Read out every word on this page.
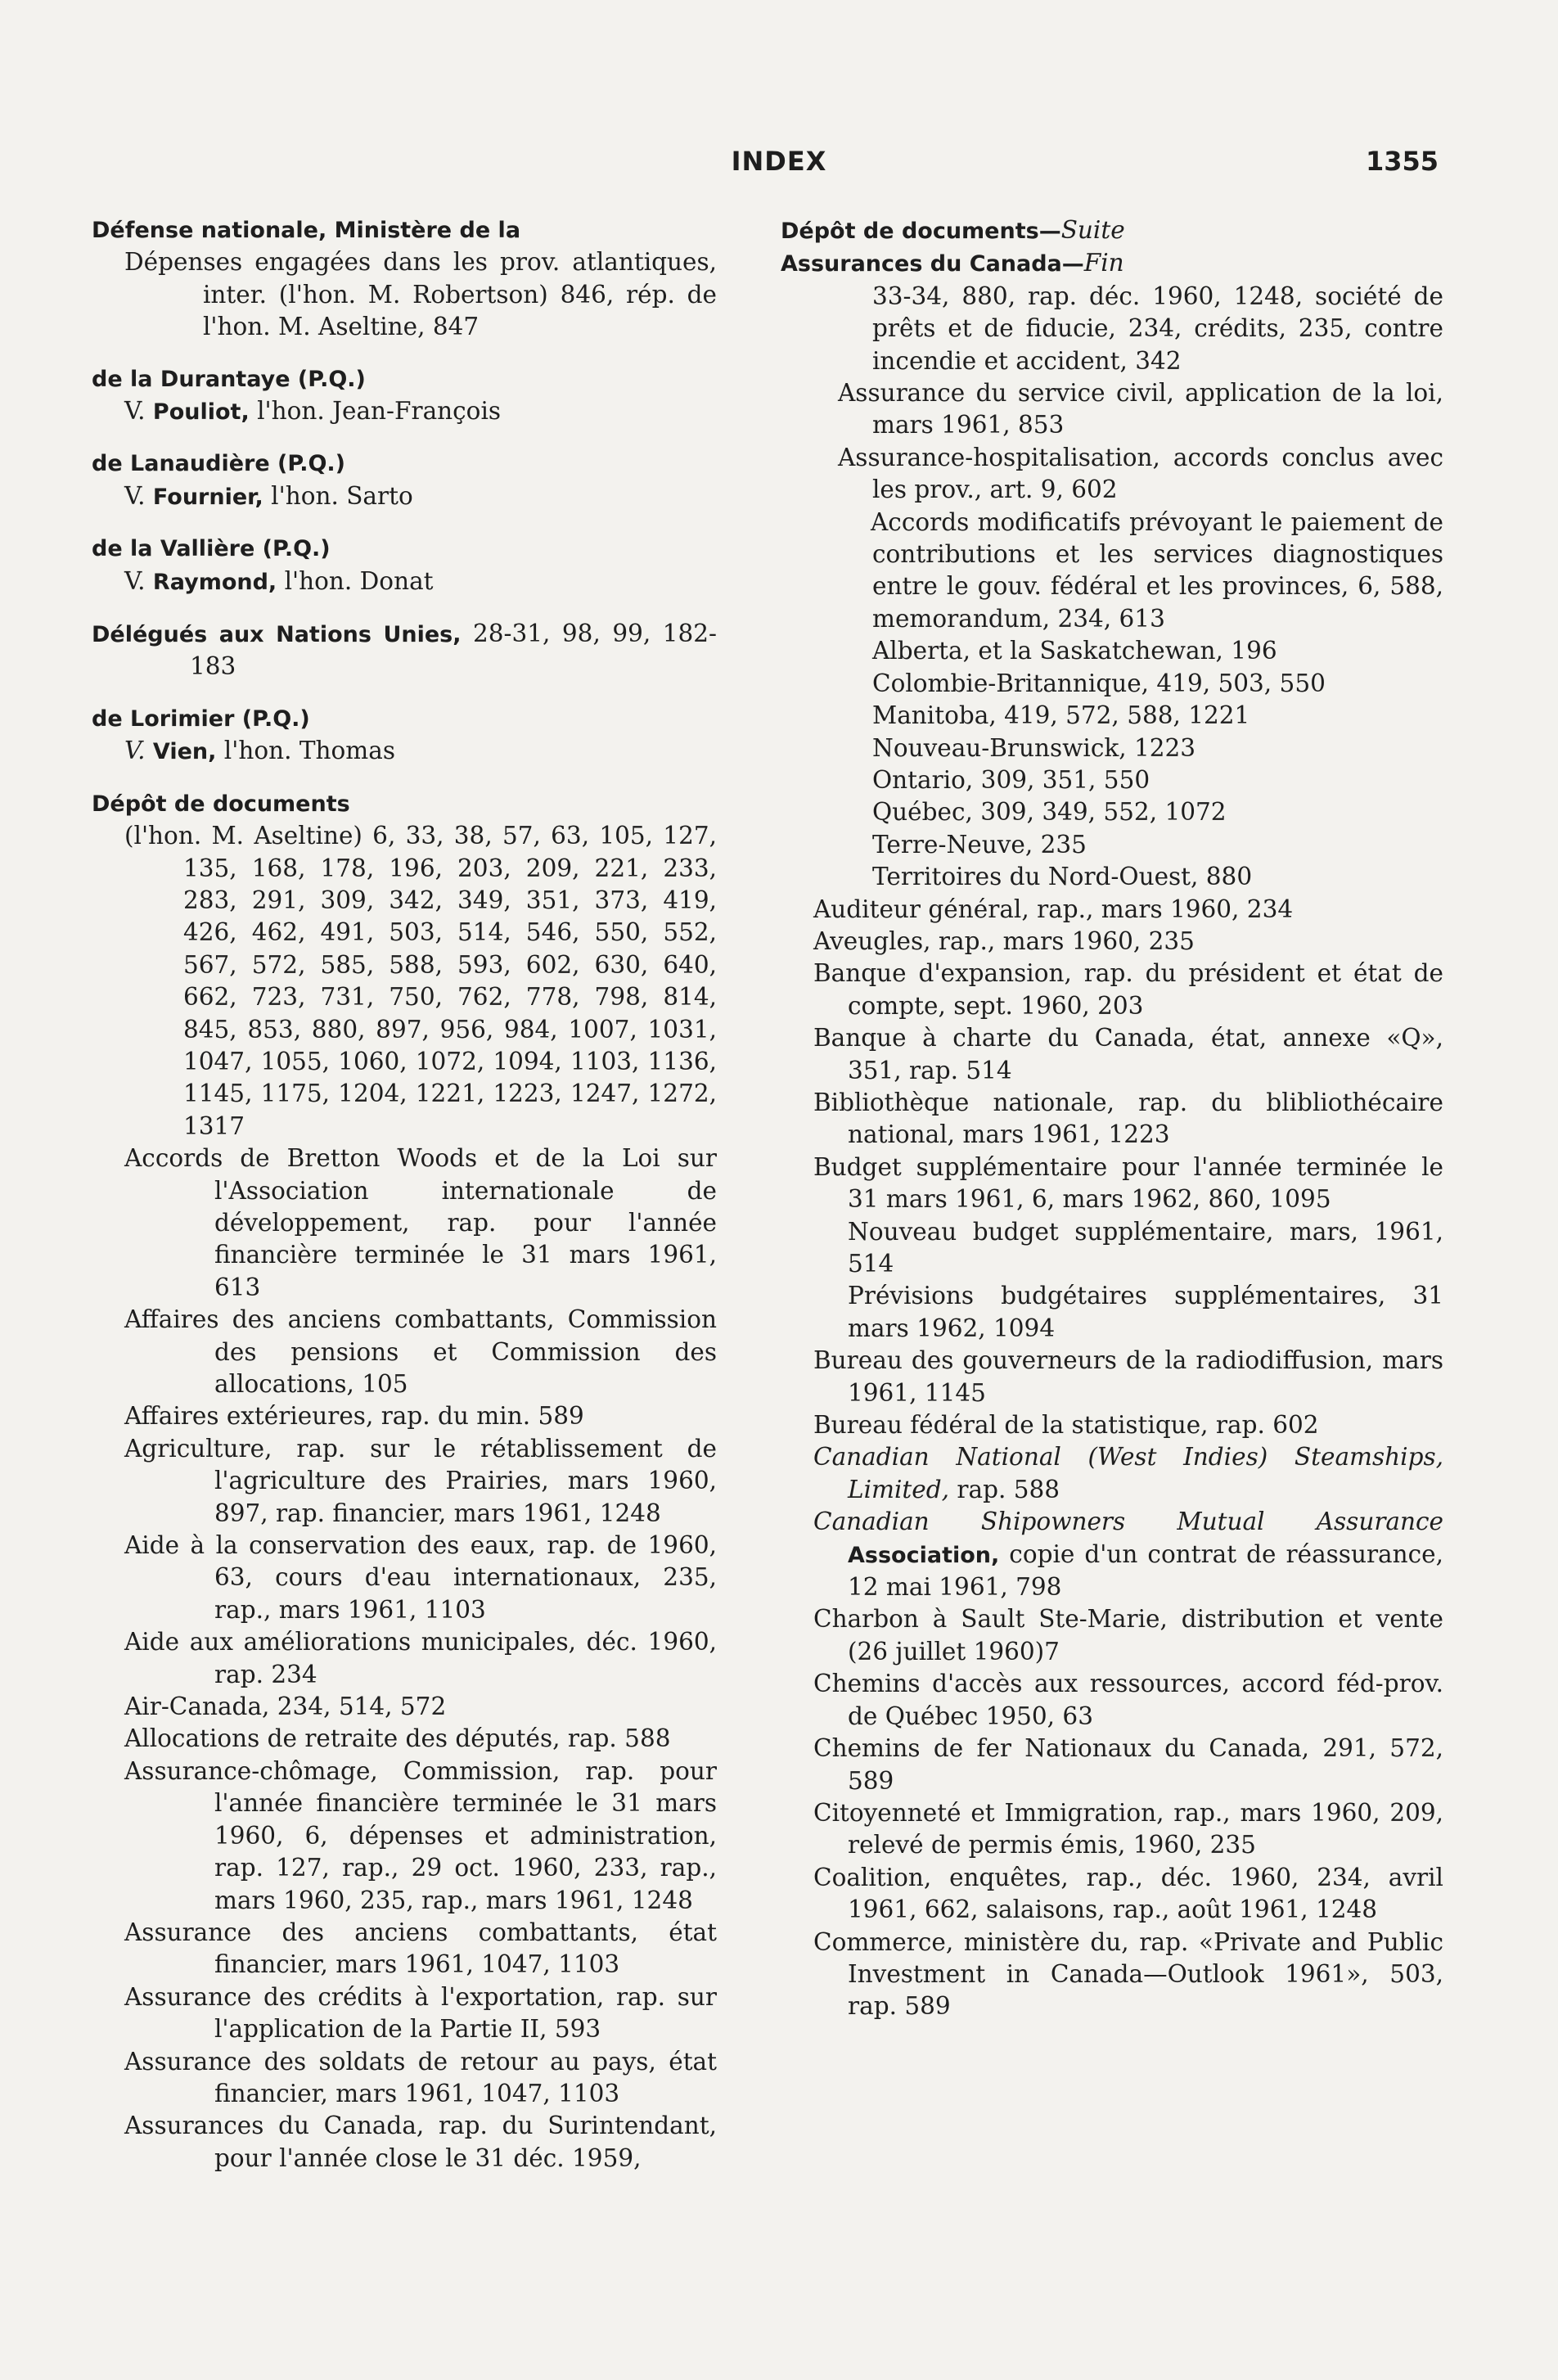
INDEX	1355
Défense nationale, Ministère de la
Dépenses engagées dans les prov. atlantiques, inter. (l'hon. M. Robertson) 846, rép. de l'hon. M. Aseltine, 847
de la Durantaye (P.Q.)
V. Pouliot, l'hon. Jean-François
de Lanaudière (P.Q.)
V. Fournier, l'hon. Sarto
de la Vallière (P.Q.)
V. Raymond, l'hon. Donat
Délégués aux Nations Unies, 28-31, 98, 99, 182-183
de Lorimier (P.Q.)
V. Vien, l'hon. Thomas
Dépôt de documents
(l'hon. M. Aseltine) 6, 33, 38, 57, 63, 105, 127, 135, 168, 178, 196, 203, 209, 221, 233, 283, 291, 309, 342, 349, 351, 373, 419, 426, 462, 491, 503, 514, 546, 550, 552, 567, 572, 585, 588, 593, 602, 630, 640, 662, 723, 731, 750, 762, 778, 798, 814, 845, 853, 880, 897, 956, 984, 1007, 1031, 1047, 1055, 1060, 1072, 1094, 1103, 1136, 1145, 1175, 1204, 1221, 1223, 1247, 1272, 1317
Accords de Bretton Woods et de la Loi sur l'Association internationale de développement, rap. pour l'année financière terminée le 31 mars 1961, 613
Affaires des anciens combattants, Commission des pensions et Commission des allocations, 105
Affaires extérieures, rap. du min. 589
Agriculture, rap. sur le rétablissement de l'agriculture des Prairies, mars 1960, 897, rap. financier, mars 1961, 1248
Aide à la conservation des eaux, rap. de 1960, 63, cours d'eau internationaux, 235, rap., mars 1961, 1103
Aide aux améliorations municipales, déc. 1960, rap. 234
Air-Canada, 234, 514, 572
Allocations de retraite des députés, rap. 588
Assurance-chômage, Commission, rap. pour l'année financière terminée le 31 mars 1960, 6, dépenses et administration, rap. 127, rap., 29 oct. 1960, 233, rap., mars 1960, 235, rap., mars 1961, 1248
Assurance des anciens combattants, état financier, mars 1961, 1047, 1103
Assurance des crédits à l'exportation, rap. sur l'application de la Partie II, 593
Assurance des soldats de retour au pays, état financier, mars 1961, 1047, 1103
Assurances du Canada, rap. du Surintendant, pour l'année close le 31 déc. 1959,
Dépôt de documents—Suite
Assurances du Canada—Fin
33-34, 880, rap. déc. 1960, 1248, société de prêts et de fiducie, 234, crédits, 235, contre incendie et accident, 342
Assurance du service civil, application de la loi, mars 1961, 853
Assurance-hospitalisation, accords conclus avec les prov., art. 9, 602
Accords modificatifs prévoyant le paiement de contributions et les services diagnostiques entre le gouv. fédéral et les provinces, 6, 588, memorandum, 234, 613
Alberta, et la Saskatchewan, 196
Colombie-Britannique, 419, 503, 550
Manitoba, 419, 572, 588, 1221
Nouveau-Brunswick, 1223
Ontario, 309, 351, 550
Québec, 309, 349, 552, 1072
Terre-Neuve, 235
Territoires du Nord-Ouest, 880
Auditeur général, rap., mars 1960, 234
Aveugles, rap., mars 1960, 235
Banque d'expansion, rap. du président et état de compte, sept. 1960, 203
Banque à charte du Canada, état, annexe «Q», 351, rap. 514
Bibliothèque nationale, rap. du blibliothécaire national, mars 1961, 1223
Budget supplémentaire pour l'année terminée le 31 mars 1961, 6, mars 1962, 860, 1095
Nouveau budget supplémentaire, mars, 1961, 514
Prévisions budgétaires supplémentaires, 31 mars 1962, 1094
Bureau des gouverneurs de la radiodiffusion, mars 1961, 1145
Bureau fédéral de la statistique, rap. 602
Canadian National (West Indies) Steamships, Limited, rap. 588
Canadian Shipowners Mutual Assurance Association, copie d'un contrat de réassurance, 12 mai 1961, 798
Charbon à Sault Ste-Marie, distribution et vente (26 juillet 1960)7
Chemins d'accès aux ressources, accord féd-prov. de Québec 1950, 63
Chemins de fer Nationaux du Canada, 291, 572, 589
Citoyenneté et Immigration, rap., mars 1960, 209, relevé de permis émis, 1960, 235
Coalition, enquêtes, rap., déc. 1960, 234, avril 1961, 662, salaisons, rap., août 1961, 1248
Commerce, ministère du, rap. «Private and Public Investment in Canada—Outlook 1961», 503, rap. 589
